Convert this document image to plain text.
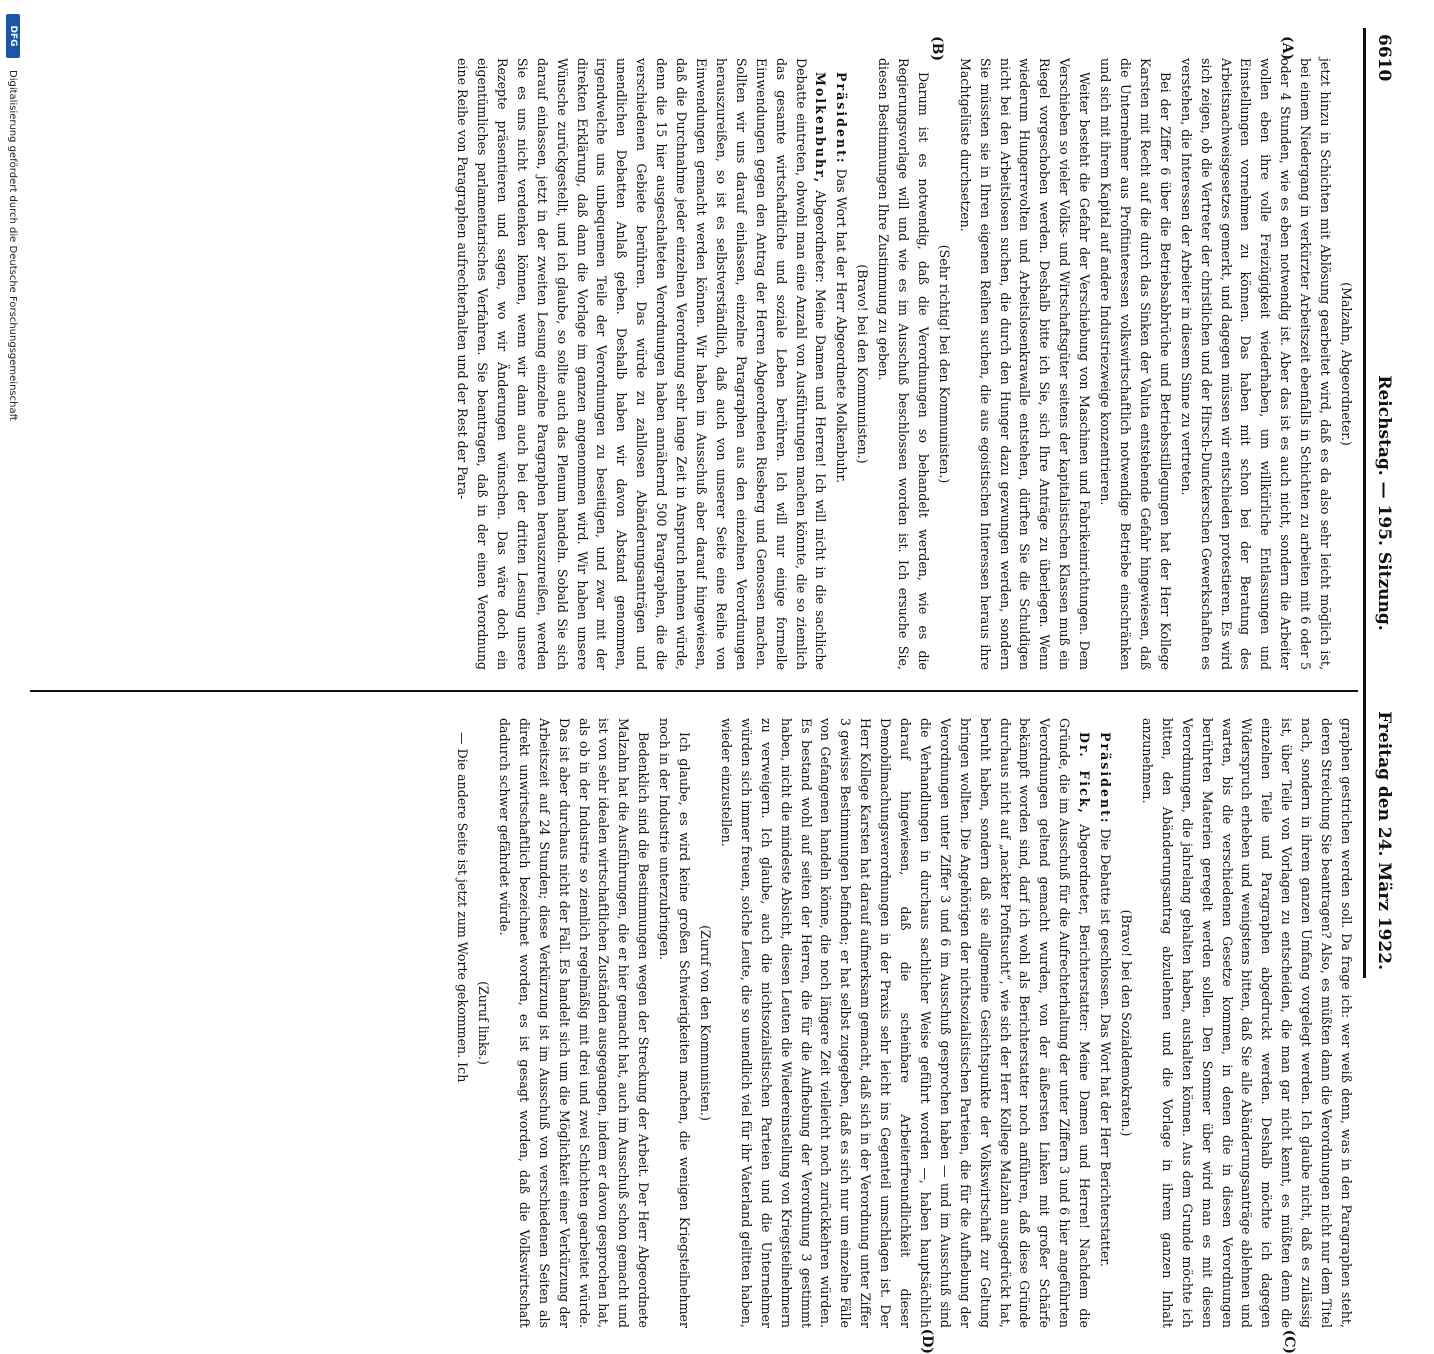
6610
Reichstag. — 195. Sitzung.
Freitag den 24. März 1922.
(A)
(B)

(Malzahn, Abgeordneter.)

jetzt hinzu in Schichten mit Ablösung gearbeitet wird, daß es da also sehr leicht möglich ist, bei einem Niedergang in verkürzter Arbeitszeit ebenfalls in Schichten zu arbeiten mit 6 oder 5 oder 4 Stunden, wie es eben notwendig ist. Aber das ist es auch nicht, sondern die Arbeiter wollen eben ihre volle Freizügigkeit wiederhaben, um willkürliche Entlassungen und Einstellungen vornehmen zu können. Das haben mit schon bei der Beratung des Arbeitsnachweisgesetzes gemerkt, und dagegen müssen wir entschieden protestieren. Es wird sich zeigen, ob die Vertreter der christlichen und der Hirsch-Dunckerschen Gewerkschaften es verstehen, die Interessen der Arbeiter in diesem Sinne zu vertreten.

Bei der Ziffer 6 über die Betriebsabbrüche und Betriebsstillegungen hat der Herr Kollege Karsten mit Recht auf die durch das Sinken der Valuta entstehende Gefahr hingewiesen, daß die Unternehmer aus Profitinteressen volkswirtschaftlich notwendige Betriebe einschränken und sich mit ihrem Kapital auf andere Industriezweige konzentrieren.

Weiter besteht die Gefahr der Verschiebung von Maschinen und Fabrikeinrichtungen. Dem Verschieben so vieler Volks- und Wirtschaftsgüter seitens der kapitalistischen Klassen muß ein Riegel vorgeschoben werden. Deshalb bitte ich Sie, sich Ihre Anträge zu überlegen. Wenn wiederum Hungerrevolten und Arbeitslosenkrawalle entstehen, dürften Sie die Schuldigen nicht bei den Arbeitslosen suchen, die durch den Hunger dazu gezwungen werden, sondern Sie müssten sie in Ihren eigenen Reihen suchen, die aus egoistischen Interessen heraus ihre Machtgelüste durchsetzen.

(Sehr richtig! bei den Kommunisten.)

Darum ist es notwendig, daß die Verordnungen so behandelt werden, wie es die Regierungsvorlage will und wie es im Ausschuß beschlossen worden ist. Ich ersuche Sie, diesen Bestimmungen Ihre Zustimmung zu geben.

(Bravo! bei den Kommunisten.)

Präsident: Das Wort hat der Herr Abgeordnete Molkenbuhr.

Molkenbuhr, Abgeordneter: Meine Damen und Herren! Ich will nicht in die sachliche Debatte eintreten, obwohl man eine Anzahl von Ausführungen machen könnte, die so ziemlich das gesamte wirtschaftliche und soziale Leben berühren. Ich will nur einige formelle Einwendungen gegen den Antrag der Herren Abgeordneten Riesberg und Genossen machen. Sollten wir uns darauf einlassen, einzelne Paragraphen aus den einzelnen Verordnungen herauszureißen, so ist es selbstverständlich, daß auch von unserer Seite eine Reihe von Einwendungen gemacht werden können. Wir haben im Ausschuß aber darauf hingewiesen, daß die Durchnahme jeder einzelnen Verordnung sehr lange Zeit in Anspruch nehmen würde, denn die 15 hier ausgeschalteten Verordnungen haben annähernd 500 Paragraphen, die die verschiedenen Gebiete berühren. Das würde zu zahllosen Abänderungsanträgen und unendlichen Debatten Anlaß geben. Deshalb haben wir davon Abstand genommen, irgendwelche uns unbequemen Teile der Verordnungen zu beseitigen, und zwar mit der direkten Erklärung, daß dann die Vorlage im ganzen angenommen wird. Wir haben unsere Wünsche zurückgestellt, und ich glaube, so sollte auch das Plenum handeln. Sobald Sie sich darauf einlassen, jetzt in der zweiten Lesung einzelne Paragraphen herauszureißen, werden Sie es uns nicht verdenken können, wenn wir dann auch bei der dritten Lesung unsere Rezepte präsentieren und sagen, wo wir Änderungen wünschen. Das wäre doch ein eigentümliches parlamentarisches Verfahren. Sie beantragen, daß in der einen Verordnung eine Reihe von Paragraphen aufrechterhalten und der Rest der Para-

(C)
(D)

graphen gestrichen werden soll. Da frage ich: wer weiß denn, was in den Paragraphen steht, deren Streichung Sie beantragen? Also, es müßten dann die Verordnungen nicht nur dem Titel nach, sondern in ihrem ganzen Umfang vorgelegt werden. Ich glaube nicht, daß es zulässig ist, über Teile von Vorlagen zu entscheiden, die man gar nicht kennt, es müßten denn die einzelnen Teile und Paragraphen abgedruckt werden. Deshalb möchte ich dagegen Widerspruch erheben und wenigstens bitten, daß Sie alle Abänderungsanträge ablehnen und warten, bis die verschiedenen Gesetze kommen, in denen die in diesen Verordnungen berührten Materien geregelt werden sollen. Den Sommer über wird man es mit diesen Verordnungen, die jahrelang gehalten haben, aushalten können. Aus dem Grunde möchte ich bitten, den Abänderungsantrag abzulehnen und die Vorlage in ihrem ganzen Inhalt anzunehmen.

(Bravo! bei den Sozialdemokraten.)

Präsident: Die Debatte ist geschlossen. Das Wort hat der Herr Berichterstatter.

Dr. Fick, Abgeordneter, Berichterstatter: Meine Damen und Herren! Nachdem die Gründe, die im Ausschuß für die Aufrechterhaltung der unter Ziffern 3 und 6 hier angeführten Verordnungen geltend gemacht wurden, von der äußersten Linken mit großer Schärfe bekämpft worden sind, darf ich wohl als Berichterstatter noch anführen, daß diese Gründe durchaus nicht auf „nackter Profitsucht“, wie sich der Herr Kollege Malzahn ausgedrückt hat, beruht haben, sondern daß sie allgemeine Gesichtspunkte der Volkswirtschaft zur Geltung bringen wollten. Die Angehörigen der nichtsozialistischen Parteien, die für die Aufhebung der Verordnungen unter Ziffer 3 und 6 im Ausschuß gesprochen haben — und im Ausschuß sind die Verhandlungen in durchaus sachlicher Weise geführt worden —, haben hauptsächlich darauf hingewiesen, daß die scheinbare Arbeiterfreundlichkeit dieser Demobilmachungsverordnungen in der Praxis sehr leicht ins Gegenteil umschlagen ist. Der Herr Kollege Karsten hat darauf aufmerksam gemacht, daß sich in der Verordnung unter Ziffer 3 gewisse Bestimmungen befinden; er hat selbst zugegeben, daß es sich nur um einzelne Fälle von Gefangenen handeln könne, die noch längere Zeit vielleicht noch zurückkehren würden. Es bestand wohl auf seiten der Herren, die für die Aufhebung der Verordnung 3 gestimmt haben, nicht die mindeste Absicht, diesen Leuten die Wiedereinstellung von Kriegsteilnehmern zu verweigern. Ich glaube, auch die nichtsozialistischen Parteien und die Unternehmer würden sich immer freuen, solche Leute, die so unendlich viel für ihr Vaterland gelitten haben, wieder einzustellen.

(Zuruf von den Kommunisten.)

Ich glaube, es wird keine großen Schwierigkeiten machen, die wenigen Kriegsteilnehmer noch in der Industrie unterzubringen.

Bedenklich sind die Bestimmungen wegen der Streckung der Arbeit. Der Herr Abgeordnete Malzahn hat die Ausführungen, die er hier gemacht hat, auch im Ausschuß schon gemacht und ist von sehr idealen wirtschaftlichen Zuständen ausgegangen, indem er davon gesprochen hat, als ob in der Industrie so ziemlich regelmäßig mit drei und zwei Schichten gearbeitet würde. Das ist aber durchaus nicht der Fall. Es handelt sich um die Möglichkeit einer Verkürzung der Arbeitszeit auf 24 Stunden; diese Verkürzung ist im Ausschuß von verschiedenen Seiten als direkt unwirtschaftlich bezeichnet worden, es ist gesagt worden, daß die Volkswirtschaft dadurch schwer gefährdet würde.

(Zuruf links.)

— Die andere Seite ist jetzt zum Worte gekommen. Ich

DFG
Digitalisierung gefördert durch die Deutsche Forschungsgemeinschaft
